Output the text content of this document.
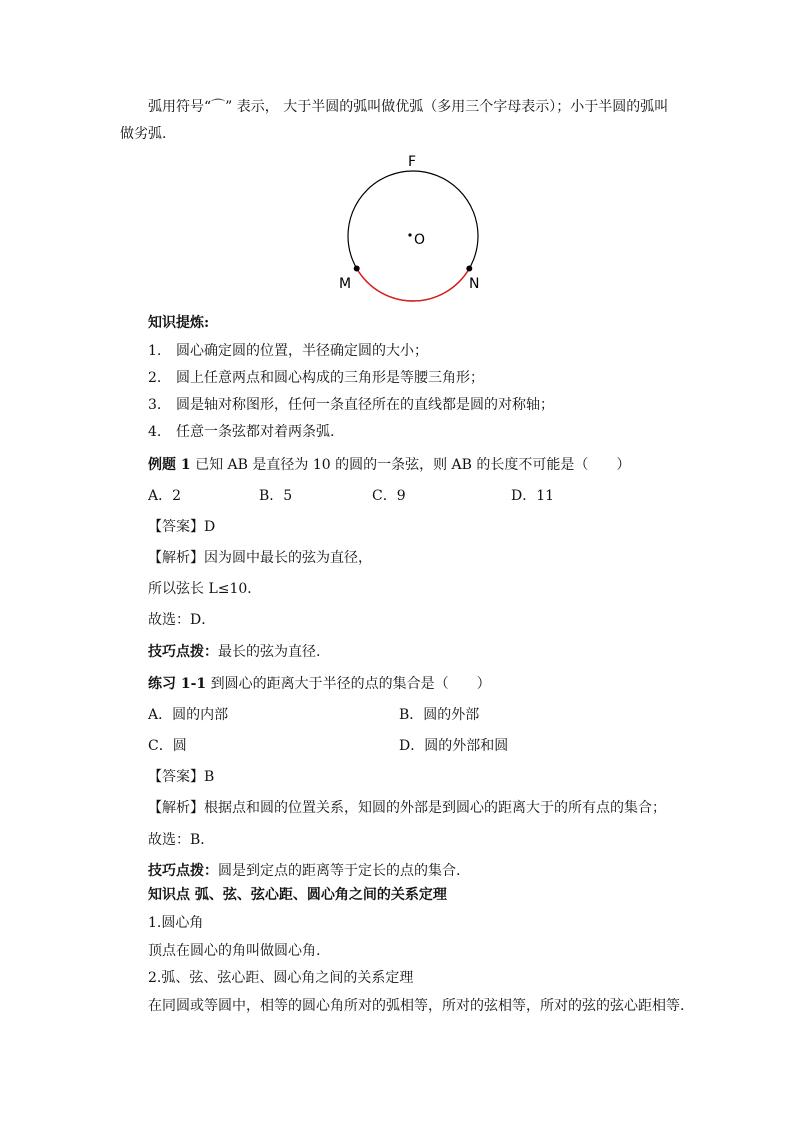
弧用符号“⌒” 表示， 大于半圆的弧叫做优弧（多用三个字母表示）；小于半圆的弧叫
做劣弧.
F
O
M	N
知识提炼:
1. 圆心确定圆的位置，半径确定圆的大小；
2. 圆上任意两点和圆心构成的三角形是等腰三角形；
3. 圆是轴对称图形，任何一条直径所在的直线都是圆的对称轴；
4. 任意一条弦都对着两条弧.
例题 1 已知 AB 是直径为 10 的圆的一条弦，则 AB 的长度不可能是（　　）
A．2	B．5	C．9	D．11
【答案】D
【解析】因为圆中最长的弦为直径，
所以弦长 L≤10．
故选：D．
技巧点拨：最长的弦为直径.
练习 1-1 到圆心的距离大于半径的点的集合是（　　）
A．圆的内部	B．圆的外部
C．圆	D．圆的外部和圆
【答案】B
【解析】根据点和圆的位置关系，知圆的外部是到圆心的距离大于的所有点的集合；
故选：B．
技巧点拨：圆是到定点的距离等于定长的点的集合.
知识点 弧、弦、弦心距、圆心角之间的关系定理
1.圆心角
顶点在圆心的角叫做圆心角.
2.弧、弦、弦心距、圆心角之间的关系定理
在同圆或等圆中，相等的圆心角所对的弧相等，所对的弦相等，所对的弦的弦心距相等.
